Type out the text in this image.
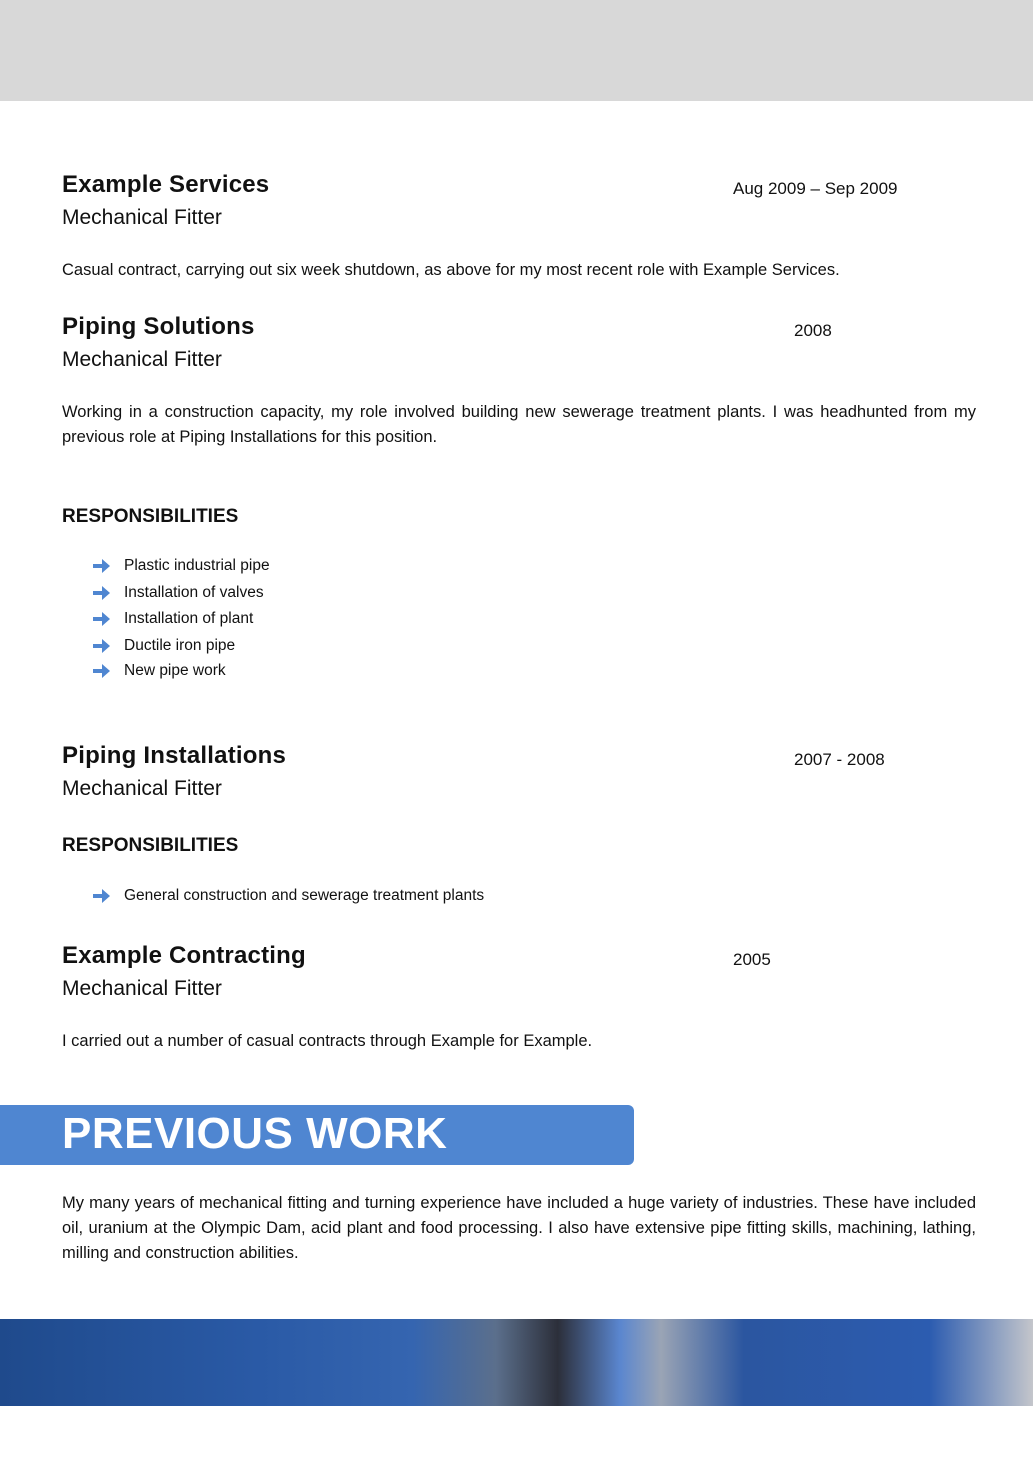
Example Services	Aug 2009 – Sep 2009
Mechanical Fitter
Casual contract, carrying out six week shutdown, as above for my most recent role with Example Services.
Piping Solutions	2008
Mechanical Fitter
Working in a construction capacity, my role involved building new sewerage treatment plants. I was headhunted from my previous role at Piping Installations for this position.
RESPONSIBILITIES
Plastic industrial pipe
Installation of valves
Installation of plant
Ductile iron pipe
New pipe work
Piping Installations	2007 - 2008
Mechanical Fitter
RESPONSIBILITIES
General construction and sewerage treatment plants
Example Contracting	2005
Mechanical Fitter
I carried out a number of casual contracts through Example for Example.
PREVIOUS WORK HISTORY
My many years of mechanical fitting and turning experience have included a huge variety of industries. These have included oil, uranium at the Olympic Dam, acid plant and food processing. I also have extensive pipe fitting skills, machining, lathing, milling and construction abilities.
